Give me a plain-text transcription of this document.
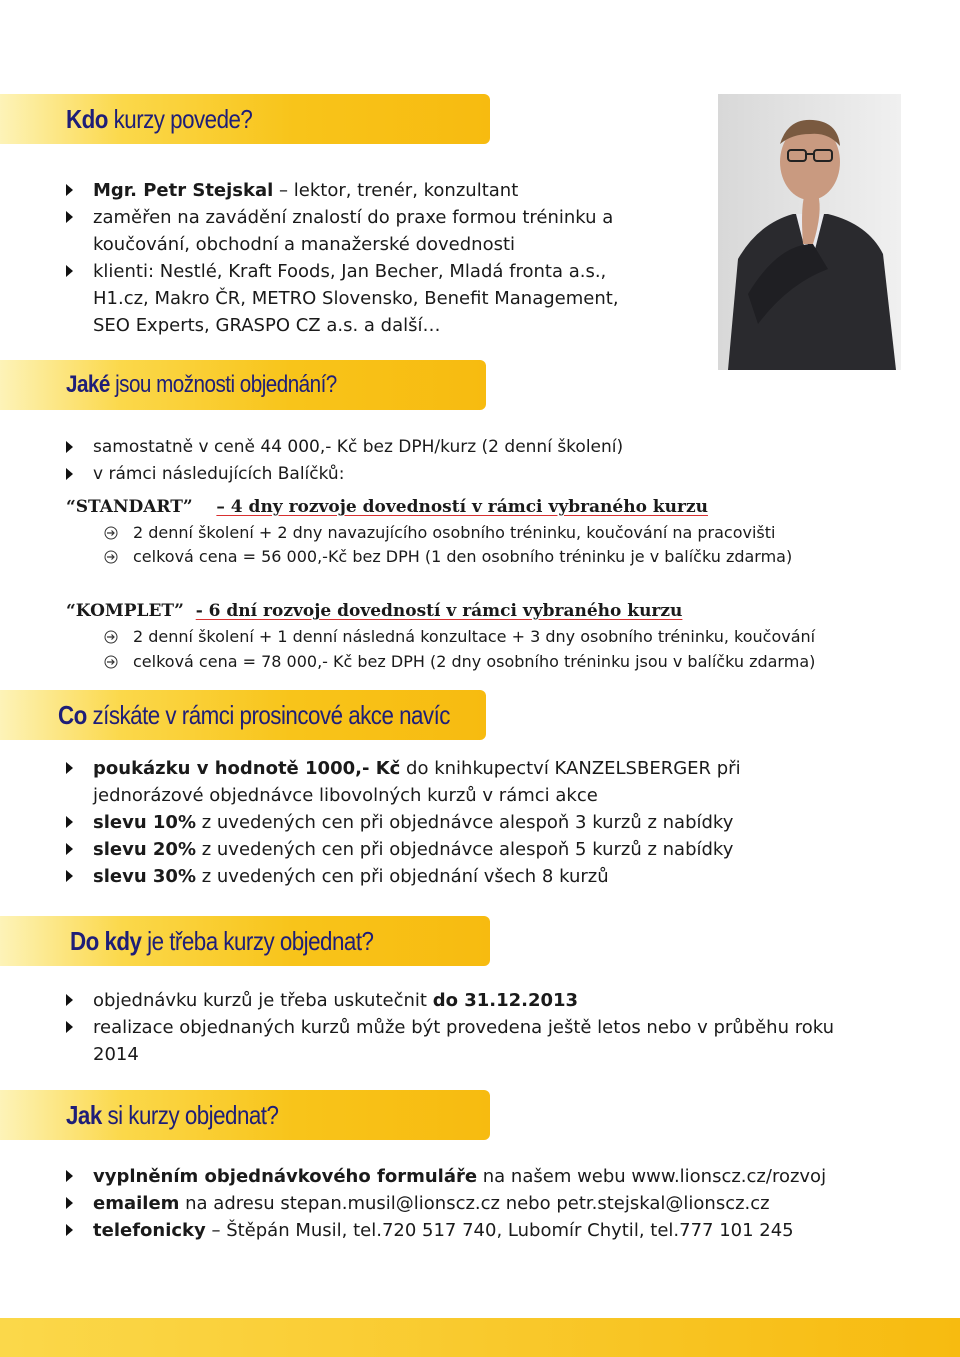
Kdo kurzy povede?
Mgr. Petr Stejskal – lektor, trenér, konzultant
zaměřen na zavádění znalostí do praxe formou tréninku a
koučování, obchodní a manažerské dovednosti
klienti: Nestlé, Kraft Foods, Jan Becher, Mladá fronta a.s.,
H1.cz, Makro ČR, METRO Slovensko, Benefit Management,
SEO Experts, GRASPO CZ a.s. a další…
Jaké jsou možnosti objednání?
samostatně v ceně 44 000,- Kč bez DPH/kurz (2 denní školení)
v rámci následujících Balíčků:
“STANDART” – 4 dny rozvoje dovedností v rámci vybraného kurzu
2 denní školení + 2 dny navazujícího osobního tréninku, koučování na pracovišti
celková cena = 56 000,-Kč bez DPH (1 den osobního tréninku je v balíčku zdarma)
“KOMPLET” - 6 dní rozvoje dovedností v rámci vybraného kurzu
2 denní školení + 1 denní následná konzultace + 3 dny osobního tréninku, koučování
celková cena = 78 000,- Kč bez DPH (2 dny osobního tréninku jsou v balíčku zdarma)
Co získáte v rámci prosincové akce navíc
poukázku v hodnotě 1000,- Kč do knihkupectví KANZELSBERGER při
jednorázové objednávce libovolných kurzů v rámci akce
slevu 10% z uvedených cen při objednávce alespoň 3 kurzů z nabídky
slevu 20% z uvedených cen při objednávce alespoň 5 kurzů z nabídky
slevu 30% z uvedených cen při objednání všech 8 kurzů
Do kdy je třeba kurzy objednat?
objednávku kurzů je třeba uskutečnit do 31.12.2013
realizace objednaných kurzů může být provedena ještě letos nebo v průběhu roku
2014
Jak si kurzy objednat?
vyplněním objednávkového formuláře na našem webu www.lionscz.cz/rozvoj
emailem na adresu stepan.musil@lionscz.cz nebo petr.stejskal@lionscz.cz
telefonicky – Štěpán Musil, tel.720 517 740, Lubomír Chytil, tel.777 101 245
